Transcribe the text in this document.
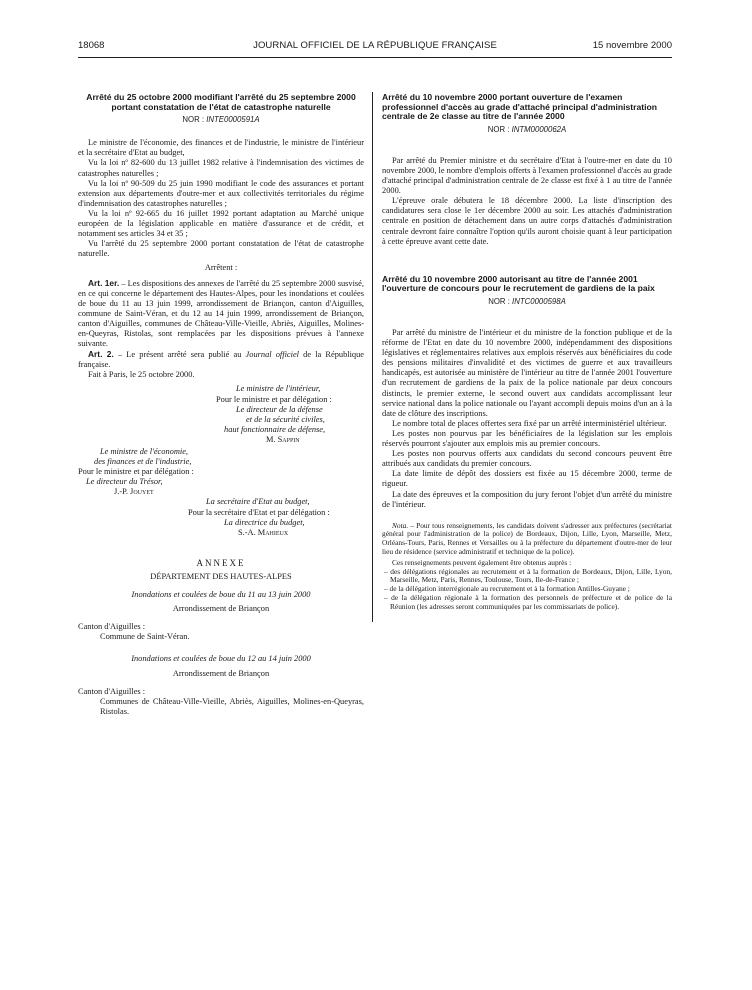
18068	JOURNAL OFFICIEL DE LA RÉPUBLIQUE FRANÇAISE	15 novembre 2000
Arrêté du 25 octobre 2000 modifiant l'arrêté du 25 septembre 2000 portant constatation de l'état de catastrophe naturelle
NOR : INTE0000591A

Le ministre de l'économie, des finances et de l'industrie, le ministre de l'intérieur et la secrétaire d'Etat au budget,

Vu la loi nº 82-600 du 13 juillet 1982 relative à l'indemnisation des victimes de catastrophes naturelles ;

Vu la loi nº 90-509 du 25 juin 1990 modifiant le code des assurances et portant extension aux départements d'outre-mer et aux collectivités territoriales du régime d'indemnisation des catastrophes naturelles ;

Vu la loi nº 92-665 du 16 juillet 1992 portant adaptation au Marché unique européen de la législation applicable en matière d'assurance et de crédit, et notamment ses articles 34 et 35 ;

Vu l'arrêté du 25 septembre 2000 portant constatation de l'état de catastrophe naturelle.

Arrêtent :

Art. 1er. – Les dispositions des annexes de l'arrêté du 25 septembre 2000 susvisé, en ce qui concerne le département des Hautes-Alpes, pour les inondations et coulées de boue du 11 au 13 juin 1999, arrondissement de Briançon, canton d'Aiguilles, commune de Saint-Véran, et du 12 au 14 juin 1999, arrondissement de Briançon, canton d'Aiguilles, communes de Château-Ville-Vieille, Abriès, Aiguilles, Molines-en-Queyras, Ristolas, sont remplacées par les dispositions prévues à l'annexe suivante.

Art. 2. – Le présent arrêté sera publié au Journal officiel de la République française.

Fait à Paris, le 25 octobre 2000.

Le ministre de l'intérieur,
Pour le ministre et par délégation :
Le directeur de la défense
et de la sécurité civiles,
haut fonctionnaire de défense,
M. Sappin
Le ministre de l'économie,
des finances et de l'industrie,
Pour le ministre et par délégation :
Le directeur du Trésor,
J.-P. Jouyet
La secrétaire d'Etat au budget,
Pour la secrétaire d'Etat et par délégation :
La directrice du budget,
S.-A. Mahieux
ANNEXE
DÉPARTEMENT DES HAUTES-ALPES
Inondations et coulées de boue du 11 au 13 juin 2000
Arrondissement de Briançon
Canton d'Aiguilles :
Commune de Saint-Véran.
Inondations et coulées de boue du 12 au 14 juin 2000
Arrondissement de Briançon
Canton d'Aiguilles :
Communes de Château-Ville-Vieille, Abriès, Aiguilles, Molines-en-Queyras, Ristolas.
Arrêté du 10 novembre 2000 portant ouverture de l'examen professionnel d'accès au grade d'attaché principal d'administration centrale de 2e classe au titre de l'année 2000
NOR : INTM0000062A

Par arrêté du Premier ministre et du secrétaire d'Etat à l'outre-mer en date du 10 novembre 2000, le nombre d'emplois offerts à l'examen professionnel d'accès au grade d'attaché principal d'administration centrale de 2e classe est fixé à 1 au titre de l'année 2000.

L'épreuve orale débutera le 18 décembre 2000. La liste d'inscription des candidatures sera close le 1er décembre 2000 au soir. Les attachés d'administration centrale en position de détachement dans un autre corps d'attachés d'administration centrale devront faire connaître l'option qu'ils auront choisie quant à leur participation à cette épreuve avant cette date.

Arrêté du 10 novembre 2000 autorisant au titre de l'année 2001 l'ouverture de concours pour le recrutement de gardiens de la paix
NOR : INTC0000598A

Par arrêté du ministre de l'intérieur et du ministre de la fonction publique et de la réforme de l'Etat en date du 10 novembre 2000, indépendamment des dispositions législatives et réglementaires relatives aux emplois réservés aux bénéficiaires du code des pensions militaires d'invalidité et des victimes de guerre et aux travailleurs handicapés, est autorisée au ministère de l'intérieur au titre de l'année 2001 l'ouverture d'un recrutement de gardiens de la paix de la police nationale par deux concours distincts, le premier externe, le second ouvert aux candidats accomplissant leur service national dans la police nationale ou l'ayant accompli depuis moins d'un an à la date de clôture des inscriptions.

Le nombre total de places offertes sera fixé par un arrêté interministériel ultérieur.

Les postes non pourvus par les bénéficiaires de la législation sur les emplois réservés pourront s'ajouter aux emplois mis au premier concours.

Les postes non pourvus offerts aux candidats du second concours peuvent être attribués aux candidats du premier concours.

La date limite de dépôt des dossiers est fixée au 15 décembre 2000, terme de rigueur.

La date des épreuves et la composition du jury feront l'objet d'un arrêté du ministre de l'intérieur.

Nota. – Pour tous renseignements, les candidats doivent s'adresser aux préfectures (secrétariat général pour l'administration de la police) de Bordeaux, Dijon, Lille, Lyon, Marseille, Metz, Orléans-Tours, Paris, Rennes et Versailles ou à la préfecture du département d'outre-mer de leur lieu de résidence (service administratif et technique de la police).

Ces renseignements peuvent également être obtenus auprès :

– des délégations régionales au recrutement et à la formation de Bordeaux, Dijon, Lille, Lyon, Marseille, Metz, Paris, Rennes, Toulouse, Tours, Ile-de-France ;
– de la délégation interrégionale au recrutement et à la formation Antilles-Guyane ;
– de la délégation régionale à la formation des personnels de préfecture et de police de la Réunion (les adresses seront communiquées par les commissariats de police).
